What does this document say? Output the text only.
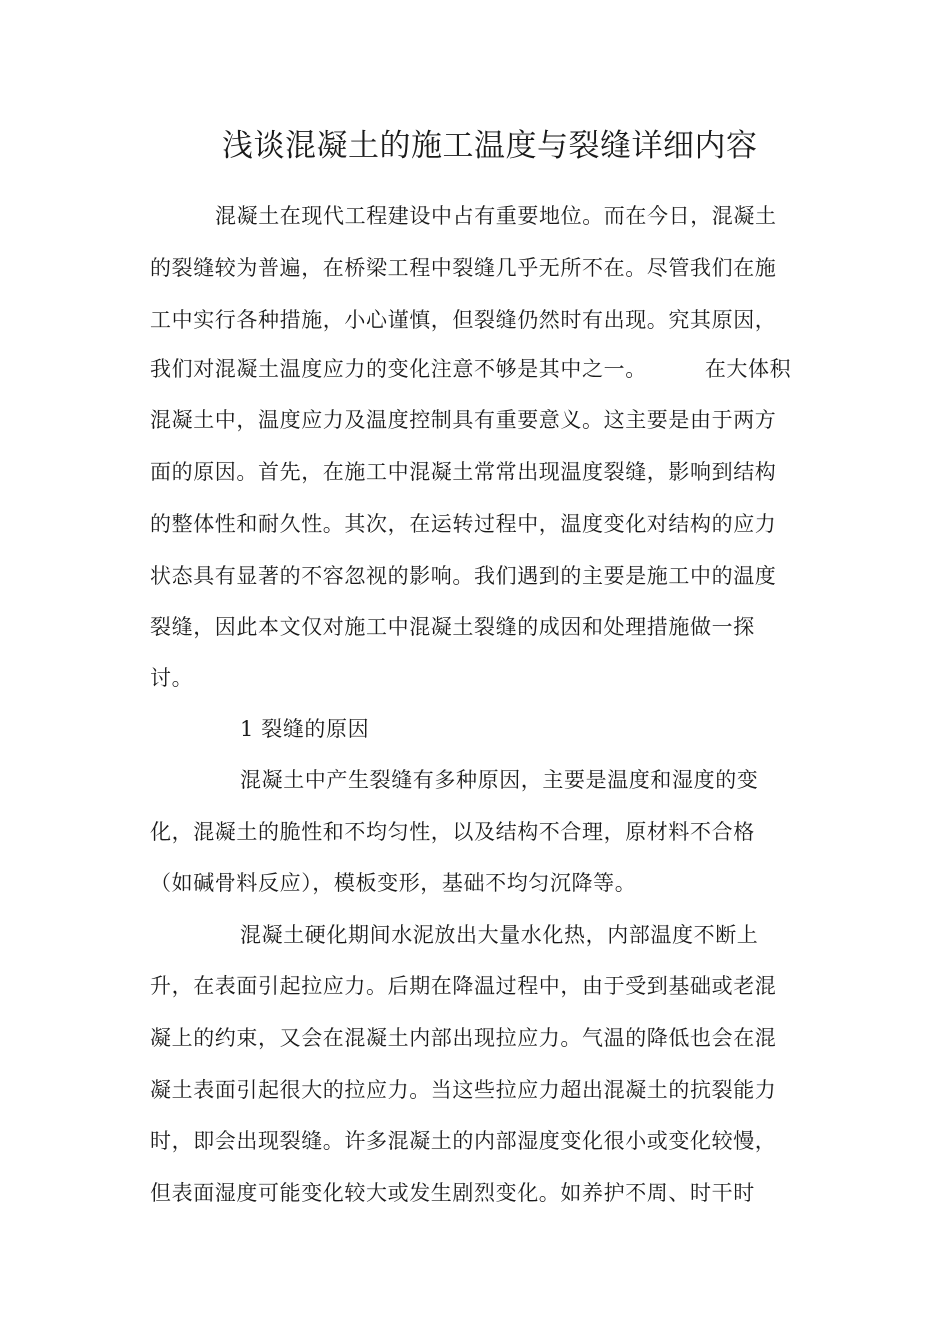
浅谈混凝土的施工温度与裂缝详细内容
混凝土在现代工程建设中占有重要地位。而在今日，混凝土
的裂缝较为普遍，在桥梁工程中裂缝几乎无所不在。尽管我们在施
工中实行各种措施，小心谨慎，但裂缝仍然时有出现。究其原因，
我们对混凝土温度应力的变化注意不够是其中之一。	在大体积
混凝土中，温度应力及温度控制具有重要意义。这主要是由于两方
面的原因。首先，在施工中混凝土常常出现温度裂缝，影响到结构
的整体性和耐久性。其次，在运转过程中，温度变化对结构的应力
状态具有显著的不容忽视的影响。我们遇到的主要是施工中的温度
裂缝，因此本文仅对施工中混凝土裂缝的成因和处理措施做一探
讨。
1 裂缝的原因
混凝土中产生裂缝有多种原因，主要是温度和湿度的变
化，混凝土的脆性和不均匀性，以及结构不合理，原材料不合格
（如碱骨料反应），模板变形，基础不均匀沉降等。
混凝土硬化期间水泥放出大量水化热，内部温度不断上
升，在表面引起拉应力。后期在降温过程中，由于受到基础或老混
凝上的约束，又会在混凝土内部出现拉应力。气温的降低也会在混
凝土表面引起很大的拉应力。当这些拉应力超出混凝土的抗裂能力
时，即会出现裂缝。许多混凝土的内部湿度变化很小或变化较慢，
但表面湿度可能变化较大或发生剧烈变化。如养护不周、时干时
